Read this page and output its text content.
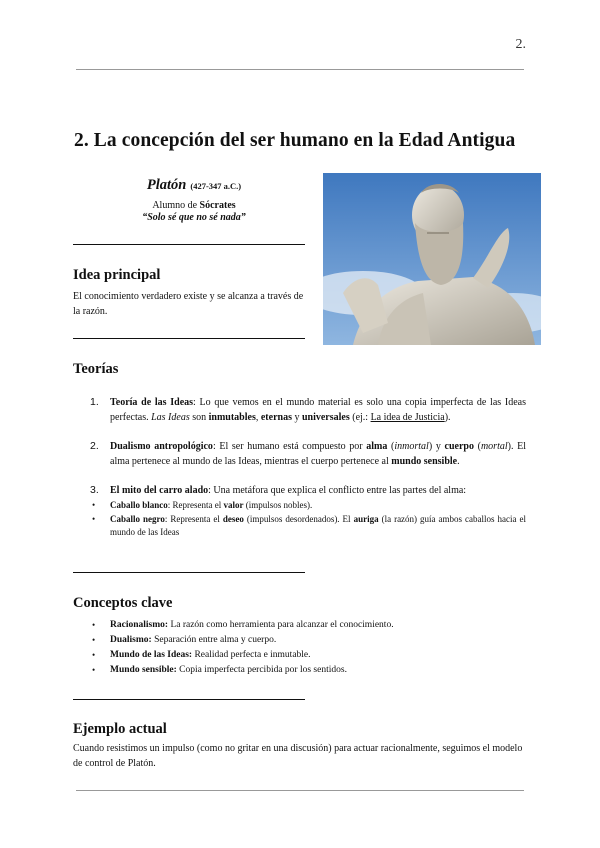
2.
2. La concepción del ser humano en la Edad Antigua
Platón (427-347 a.C.)
Alumno de Sócrates
“Solo sé que no sé nada”
Idea principal
El conocimiento verdadero existe y se alcanza a través de la razón.
Teorías
1. Teoría de las Ideas: Lo que vemos en el mundo material es solo una copia imperfecta de las Ideas perfectas. Las Ideas son inmutables, eternas y universales (ej.: La idea de Justicia).
2. Dualismo antropológico: El ser humano está compuesto por alma (inmortal) y cuerpo (mortal). El alma pertenece al mundo de las Ideas, mientras el cuerpo pertenece al mundo sensible.
3. El mito del carro alado: Una metáfora que explica el conflicto entre las partes del alma:
• Caballo blanco: Representa el valor (impulsos nobles).
• Caballo negro: Representa el deseo (impulsos desordenados). El auriga (la razón) guía ambos caballos hacia el mundo de las Ideas
Conceptos clave
• Racionalismo: La razón como herramienta para alcanzar el conocimiento.
• Dualismo: Separación entre alma y cuerpo.
• Mundo de las Ideas: Realidad perfecta e inmutable.
• Mundo sensible: Copia imperfecta percibida por los sentidos.
Ejemplo actual
Cuando resistimos un impulso (como no gritar en una discusión) para actuar racionalmente, seguimos el modelo de control de Platón.
